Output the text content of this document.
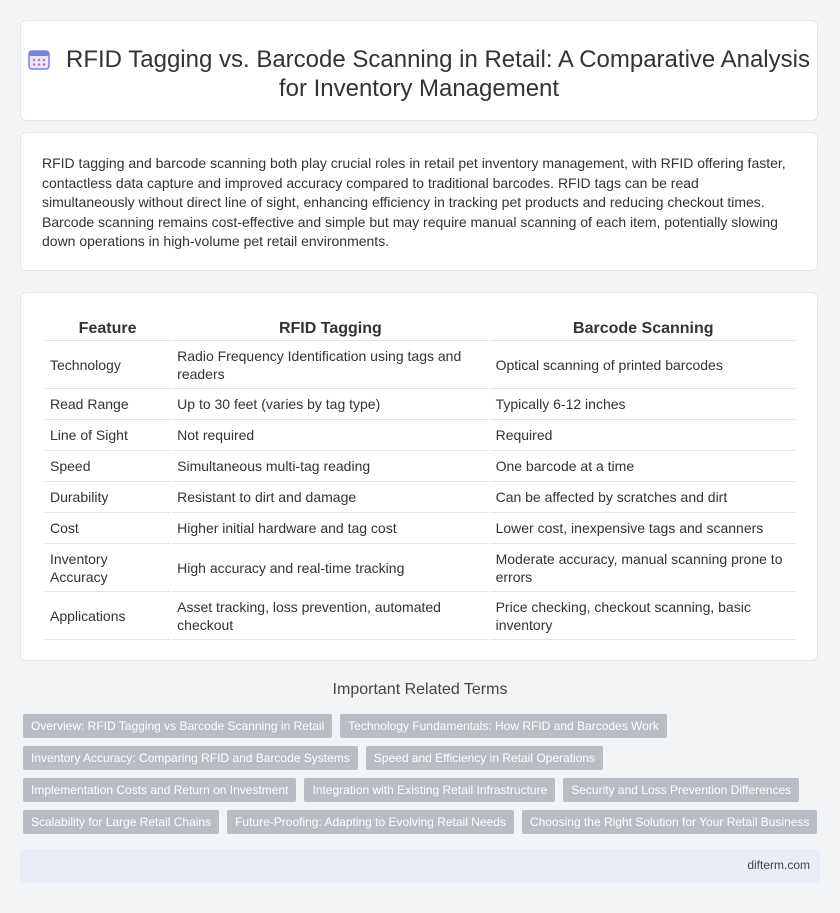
RFID Tagging vs. Barcode Scanning in Retail: A Comparative Analysis for Inventory Management

RFID tagging and barcode scanning both play crucial roles in retail pet inventory management, with RFID offering faster, contactless data capture and improved accuracy compared to traditional barcodes. RFID tags can be read simultaneously without direct line of sight, enhancing efficiency in tracking pet products and reducing checkout times. Barcode scanning remains cost-effective and simple but may require manual scanning of each item, potentially slowing down operations in high-volume pet retail environments.

Feature	RFID Tagging	Barcode Scanning
Technology	Radio Frequency Identification using tags and readers	Optical scanning of printed barcodes
Read Range	Up to 30 feet (varies by tag type)	Typically 6-12 inches
Line of Sight	Not required	Required
Speed	Simultaneous multi-tag reading	One barcode at a time
Durability	Resistant to dirt and damage	Can be affected by scratches and dirt
Cost	Higher initial hardware and tag cost	Lower cost, inexpensive tags and scanners
Inventory Accuracy	High accuracy and real-time tracking	Moderate accuracy, manual scanning prone to errors
Applications	Asset tracking, loss prevention, automated checkout	Price checking, checkout scanning, basic inventory
Important Related Terms
Overview: RFID Tagging vs Barcode Scanning in Retail Technology Fundamentals: How RFID and Barcodes Work
Inventory Accuracy: Comparing RFID and Barcode Systems Speed and Efficiency in Retail Operations
Implementation Costs and Return on Investment Integration with Existing Retail Infrastructure Security and Loss Prevention Differences
Scalability for Large Retail Chains Future-Proofing: Adapting to Evolving Retail Needs Choosing the Right Solution for Your Retail Business
difterm.com
